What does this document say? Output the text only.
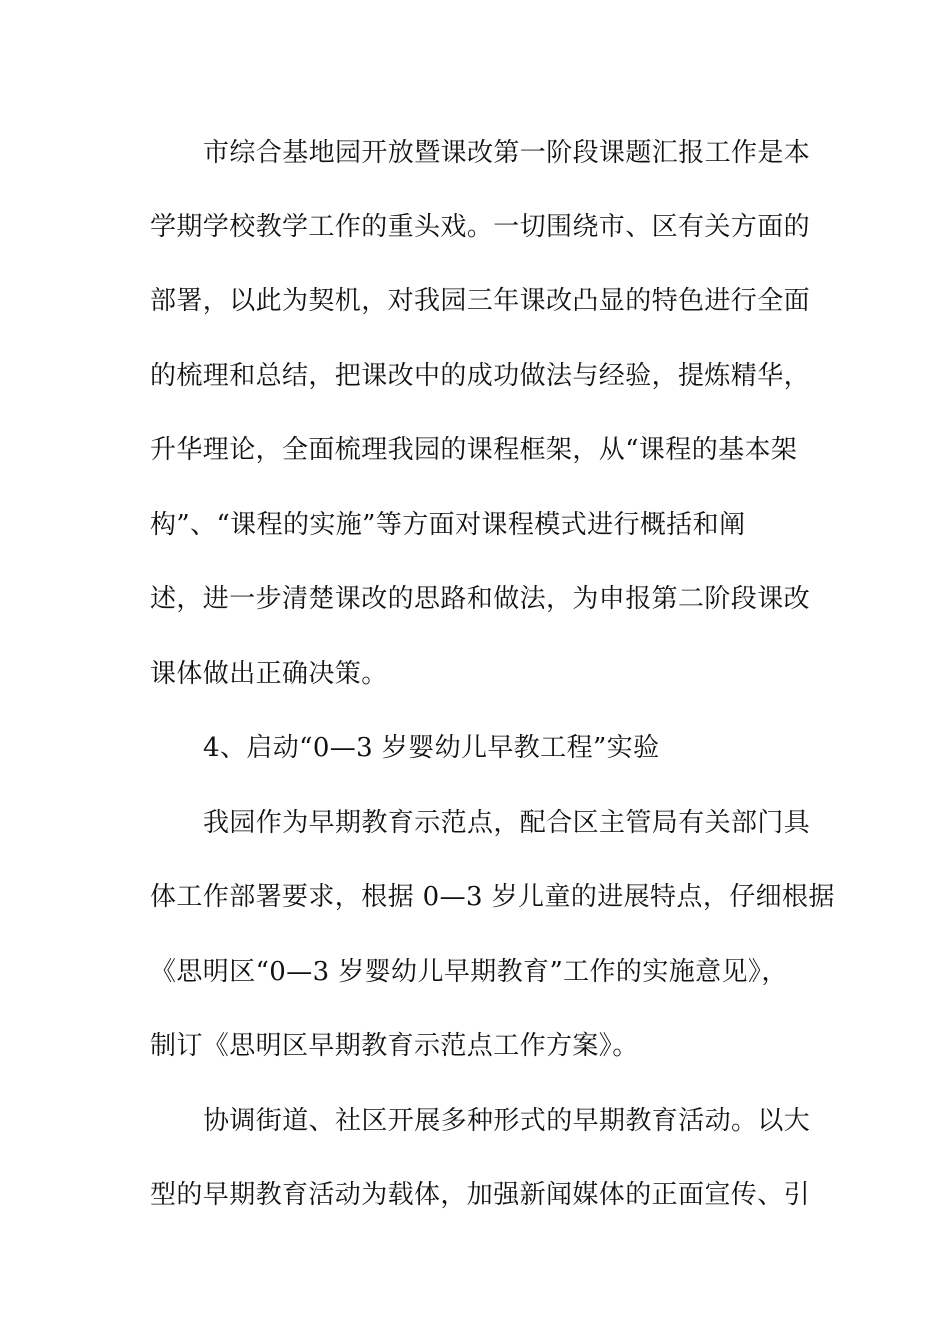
市综合基地园开放暨课改第一阶段课题汇报工作是本
学期学校教学工作的重头戏。一切围绕市、区有关方面的
部署，以此为契机，对我园三年课改凸显的特色进行全面
的梳理和总结，把课改中的成功做法与经验，提炼精华，
升华理论，全面梳理我园的课程框架，从“课程的基本架
构”、“课程的实施”等方面对课程模式进行概括和阐
述，进一步清楚课改的思路和做法，为申报第二阶段课改
课体做出正确决策。
4、启动“0—3 岁婴幼儿早教工程”实验
我园作为早期教育示范点，配合区主管局有关部门具
体工作部署要求，根据 0—3 岁儿童的进展特点，仔细根据
《思明区“0—3 岁婴幼儿早期教育”工作的实施意见》，
制订《思明区早期教育示范点工作方案》。
协调街道、社区开展多种形式的早期教育活动。以大
型的早期教育活动为载体，加强新闻媒体的正面宣传、引
